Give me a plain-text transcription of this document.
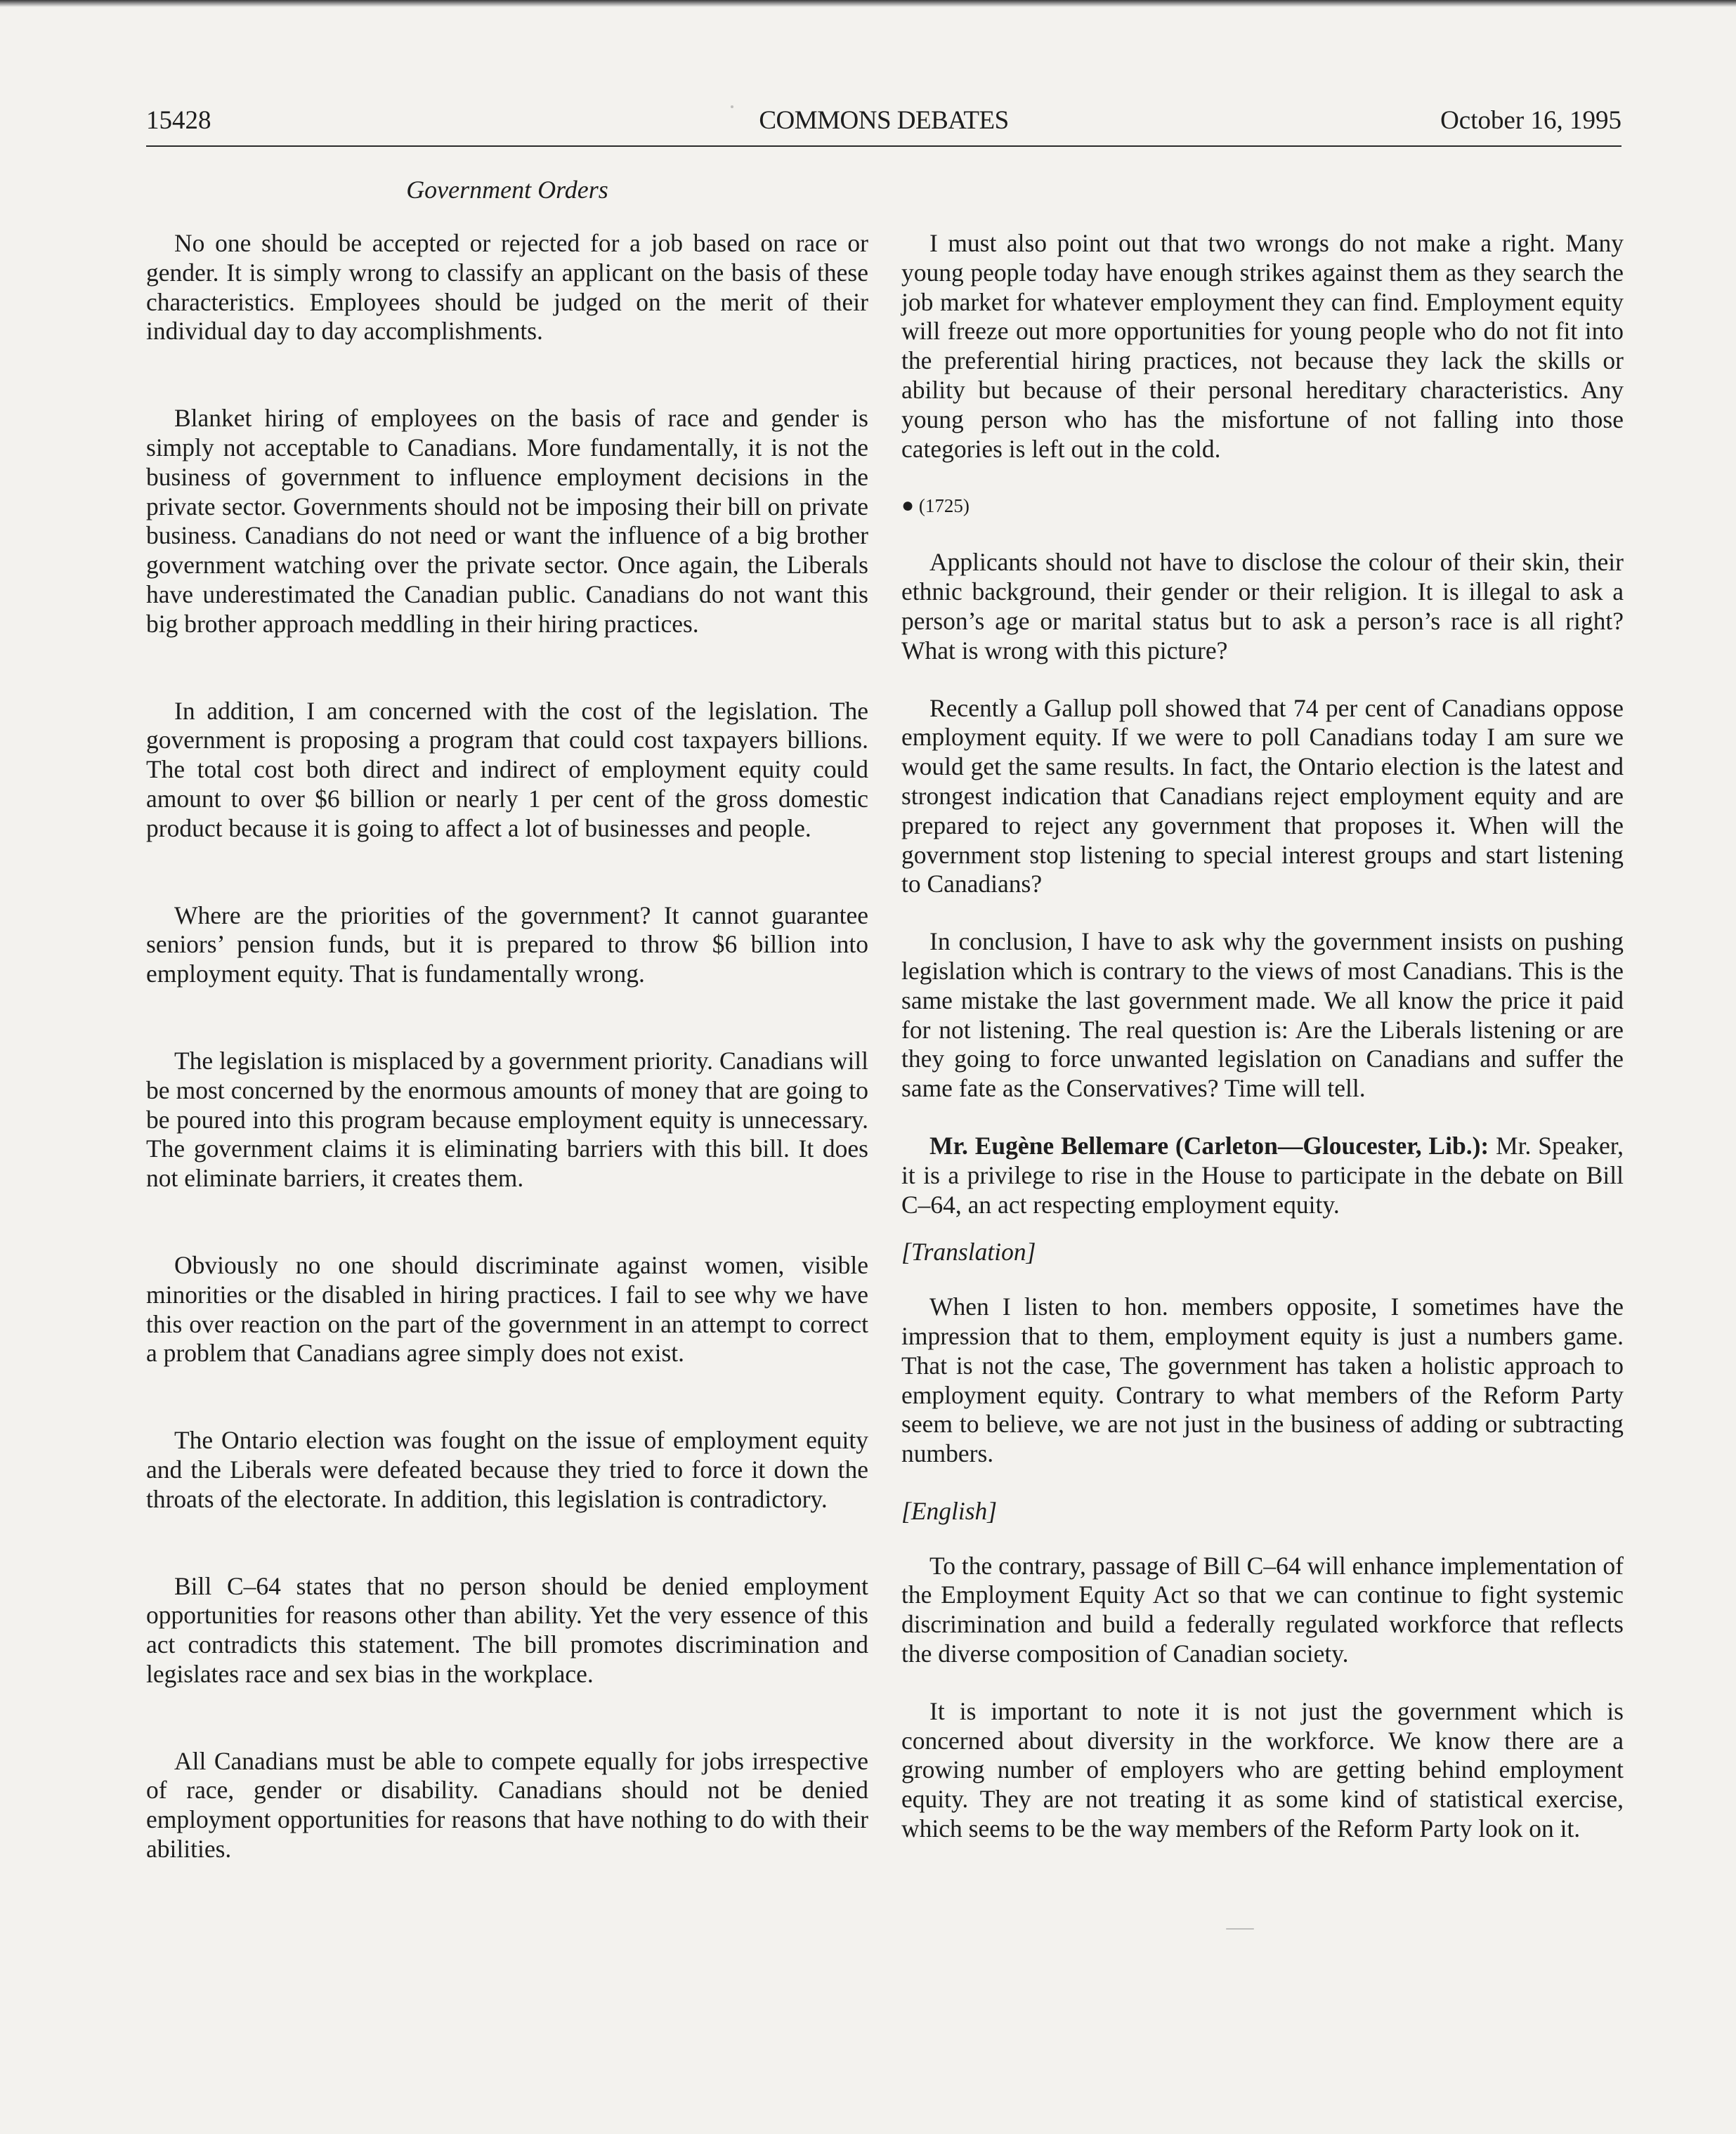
15428	COMMONS DEBATES	October 16, 1995
Government Orders

No one should be accepted or rejected for a job based on race or gender. It is simply wrong to classify an applicant on the basis of these characteristics. Employees should be judged on the merit of their individual day to day accomplishments.

Blanket hiring of employees on the basis of race and gender is simply not acceptable to Canadians. More fundamentally, it is not the business of government to influence employment decisions in the private sector. Governments should not be imposing their bill on private business. Canadians do not need or want the influence of a big brother government watching over the private sector. Once again, the Liberals have underestimated the Canadian public. Canadians do not want this big brother approach meddling in their hiring practices.

In addition, I am concerned with the cost of the legislation. The government is proposing a program that could cost taxpayers billions. The total cost both direct and indirect of employment equity could amount to over $6 billion or nearly 1 per cent of the gross domestic product because it is going to affect a lot of businesses and people.

Where are the priorities of the government? It cannot guarantee seniors’ pension funds, but it is prepared to throw $6 billion into employment equity. That is fundamentally wrong.

The legislation is misplaced by a government priority. Canadians will be most concerned by the enormous amounts of money that are going to be poured into this program because employment equity is unnecessary. The government claims it is eliminating barriers with this bill. It does not eliminate barriers, it creates them.

Obviously no one should discriminate against women, visible minorities or the disabled in hiring practices. I fail to see why we have this over reaction on the part of the government in an attempt to correct a problem that Canadians agree simply does not exist.

The Ontario election was fought on the issue of employment equity and the Liberals were defeated because they tried to force it down the throats of the electorate. In addition, this legislation is contradictory.

Bill C–64 states that no person should be denied employment opportunities for reasons other than ability. Yet the very essence of this act contradicts this statement. The bill promotes discrimination and legislates race and sex bias in the workplace.

All Canadians must be able to compete equally for jobs irrespective of race, gender or disability. Canadians should not be denied employment opportunities for reasons that have nothing to do with their abilities.

I must also point out that two wrongs do not make a right. Many young people today have enough strikes against them as they search the job market for whatever employment they can find. Employment equity will freeze out more opportunities for young people who do not fit into the preferential hiring practices, not because they lack the skills or ability but because of their personal hereditary characteristics. Any young person who has the misfortune of not falling into those categories is left out in the cold.

● (1725)

Applicants should not have to disclose the colour of their skin, their ethnic background, their gender or their religion. It is illegal to ask a person’s age or marital status but to ask a person’s race is all right? What is wrong with this picture?

Recently a Gallup poll showed that 74 per cent of Canadians oppose employment equity. If we were to poll Canadians today I am sure we would get the same results. In fact, the Ontario election is the latest and strongest indication that Canadians reject employment equity and are prepared to reject any government that proposes it. When will the government stop listening to special interest groups and start listening to Canadians?

In conclusion, I have to ask why the government insists on pushing legislation which is contrary to the views of most Canadians. This is the same mistake the last government made. We all know the price it paid for not listening. The real question is: Are the Liberals listening or are they going to force unwanted legislation on Canadians and suffer the same fate as the Conservatives? Time will tell.

Mr. Eugène Bellemare (Carleton—Gloucester, Lib.): Mr. Speaker, it is a privilege to rise in the House to participate in the debate on Bill C–64, an act respecting employment equity.

[Translation]

When I listen to hon. members opposite, I sometimes have the impression that to them, employment equity is just a numbers game. That is not the case, The government has taken a holistic approach to employment equity. Contrary to what members of the Reform Party seem to believe, we are not just in the business of adding or subtracting numbers.

[English]

To the contrary, passage of Bill C–64 will enhance implementation of the Employment Equity Act so that we can continue to fight systemic discrimination and build a federally regulated workforce that reflects the diverse composition of Canadian society.

It is important to note it is not just the government which is concerned about diversity in the workforce. We know there are a growing number of employers who are getting behind employment equity. They are not treating it as some kind of statistical exercise, which seems to be the way members of the Reform Party look on it.
